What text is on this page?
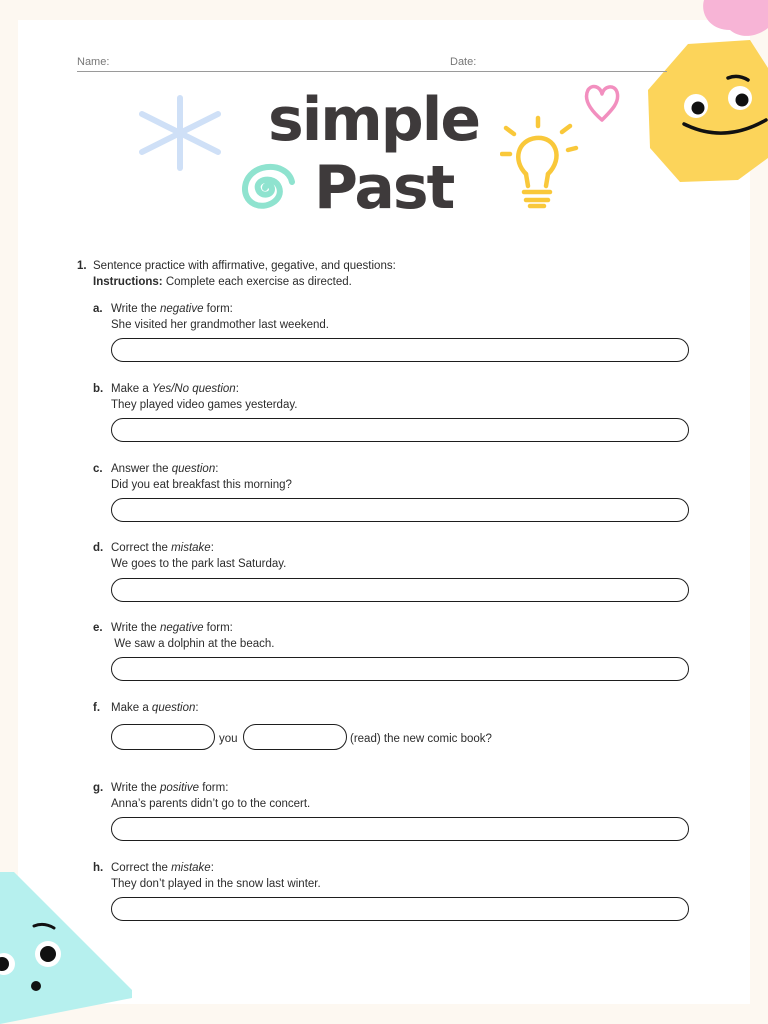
Name:	Date:
simple
Past
1. Sentence practice with affirmative, gegative, and questions:
Instructions: Complete each exercise as directed.
a. Write the negative form:
She visited her grandmother last weekend.
b. Make a Yes/No question:
They played video games yesterday.
c. Answer the question:
Did you eat breakfast this morning?
d. Correct the mistake:
We goes to the park last Saturday.
e. Write the negative form:
We saw a dolphin at the beach.
f. Make a question:
you	(read) the new comic book?
g. Write the positive form:
Anna’s parents didn’t go to the concert.
h. Correct the mistake:
They don’t played in the snow last winter.
